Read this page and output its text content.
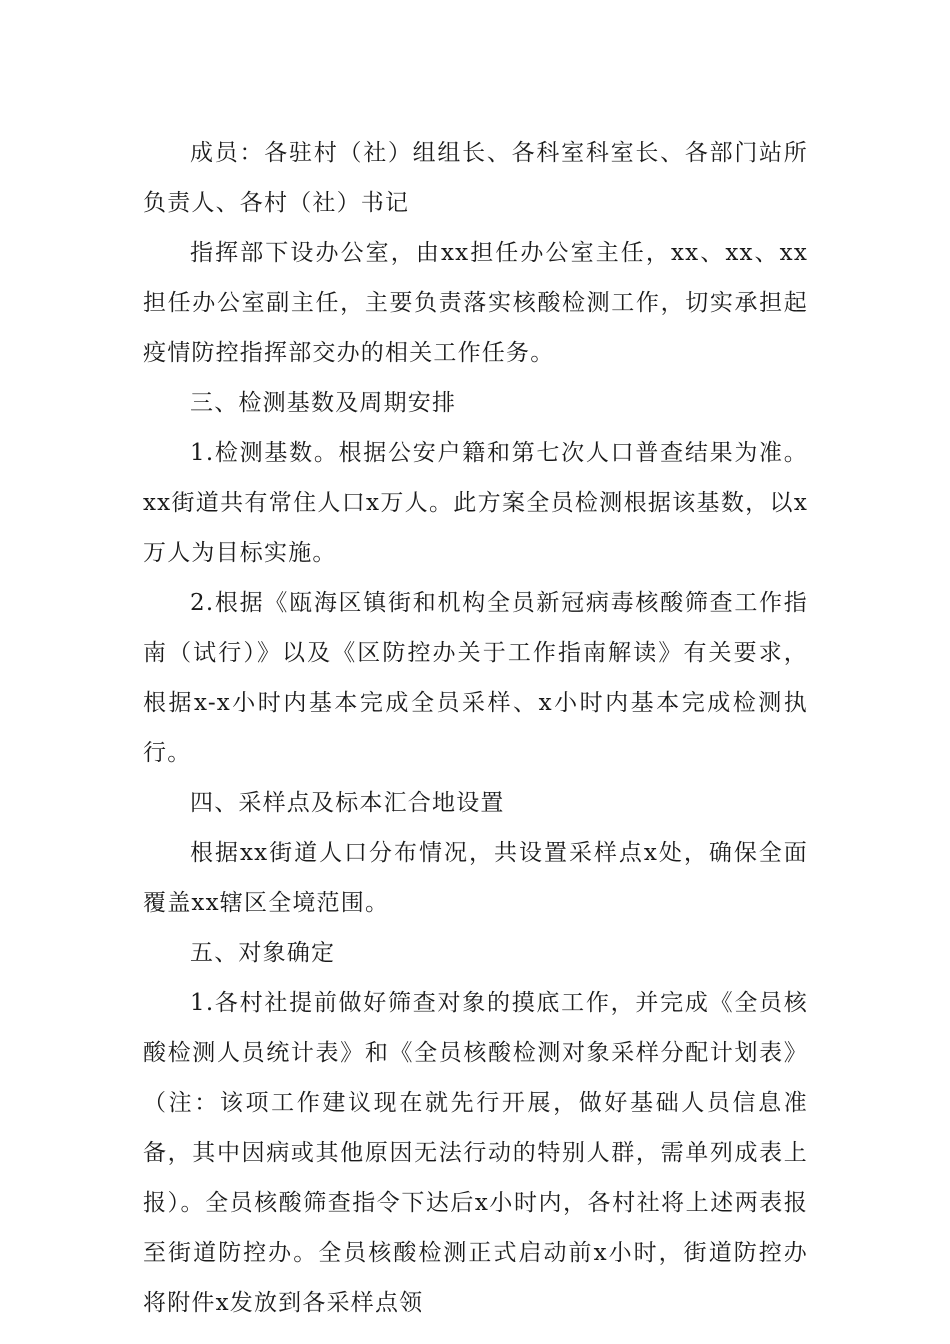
成员：各驻村（社）组组长、各科室科室长、各部门站所负责人、各村（社）书记

指挥部下设办公室，由xx担任办公室主任，xx、xx、xx担任办公室副主任，主要负责落实核酸检测工作，切实承担起疫情防控指挥部交办的相关工作任务。

三、检测基数及周期安排

1.检测基数。根据公安户籍和第七次人口普查结果为准。xx街道共有常住人口x万人。此方案全员检测根据该基数，以x万人为目标实施。

2.根据《瓯海区镇街和机构全员新冠病毒核酸筛查工作指南（试行）》以及《区防控办关于工作指南解读》有关要求，根据x-x小时内基本完成全员采样、x小时内基本完成检测执行。

四、采样点及标本汇合地设置

根据xx街道人口分布情况，共设置采样点x处，确保全面覆盖xx辖区全境范围。

五、对象确定

1.各村社提前做好筛查对象的摸底工作，并完成《全员核酸检测人员统计表》和《全员核酸检测对象采样分配计划表》（注：该项工作建议现在就先行开展，做好基础人员信息准备，其中因病或其他原因无法行动的特别人群，需单列成表上报）。全员核酸筛查指令下达后x小时内，各村社将上述两表报至街道防控办。全员核酸检测正式启动前x小时，街道防控办将附件x发放到各采样点领
